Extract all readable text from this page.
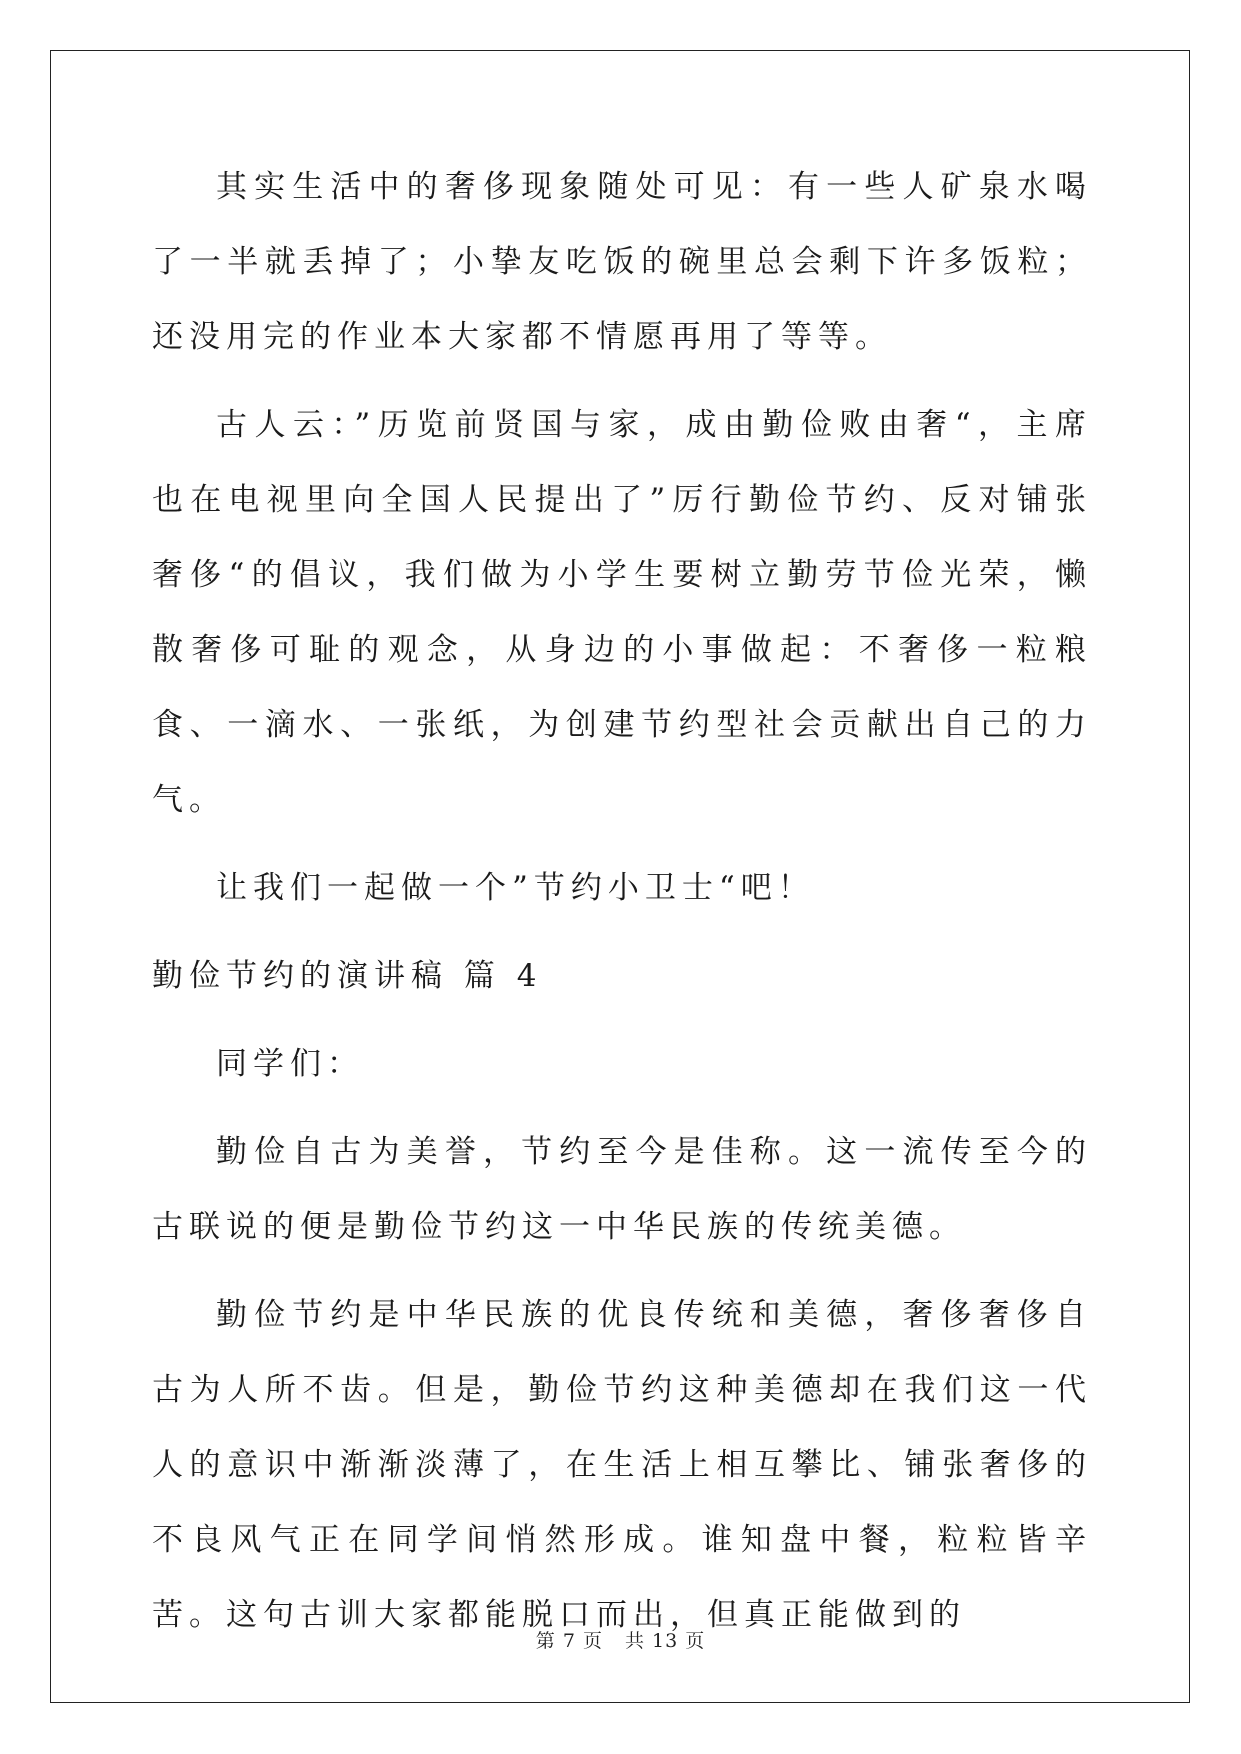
其实生活中的奢侈现象随处可见：有一些人矿泉水喝了一半就丢掉了；小挚友吃饭的碗里总会剩下许多饭粒；还没用完的作业本大家都不情愿再用了等等。

古人云：”历览前贤国与家，成由勤俭败由奢“，主席也在电视里向全国人民提出了”厉行勤俭节约、反对铺张奢侈“的倡议，我们做为小学生要树立勤劳节俭光荣，懒散奢侈可耻的观念，从身边的小事做起：不奢侈一粒粮食、一滴水、一张纸，为创建节约型社会贡献出自己的力气。

让我们一起做一个”节约小卫士“吧！

勤俭节约的演讲稿 篇 4

同学们：

勤俭自古为美誉，节约至今是佳称。这一流传至今的古联说的便是勤俭节约这一中华民族的传统美德。

勤俭节约是中华民族的优良传统和美德，奢侈奢侈自古为人所不齿。但是，勤俭节约这种美德却在我们这一代人的意识中渐渐淡薄了，在生活上相互攀比、铺张奢侈的不良风气正在同学间悄然形成。谁知盘中餐，粒粒皆辛苦。这句古训大家都能脱口而出，但真正能做到的

第 7 页 共 13 页
